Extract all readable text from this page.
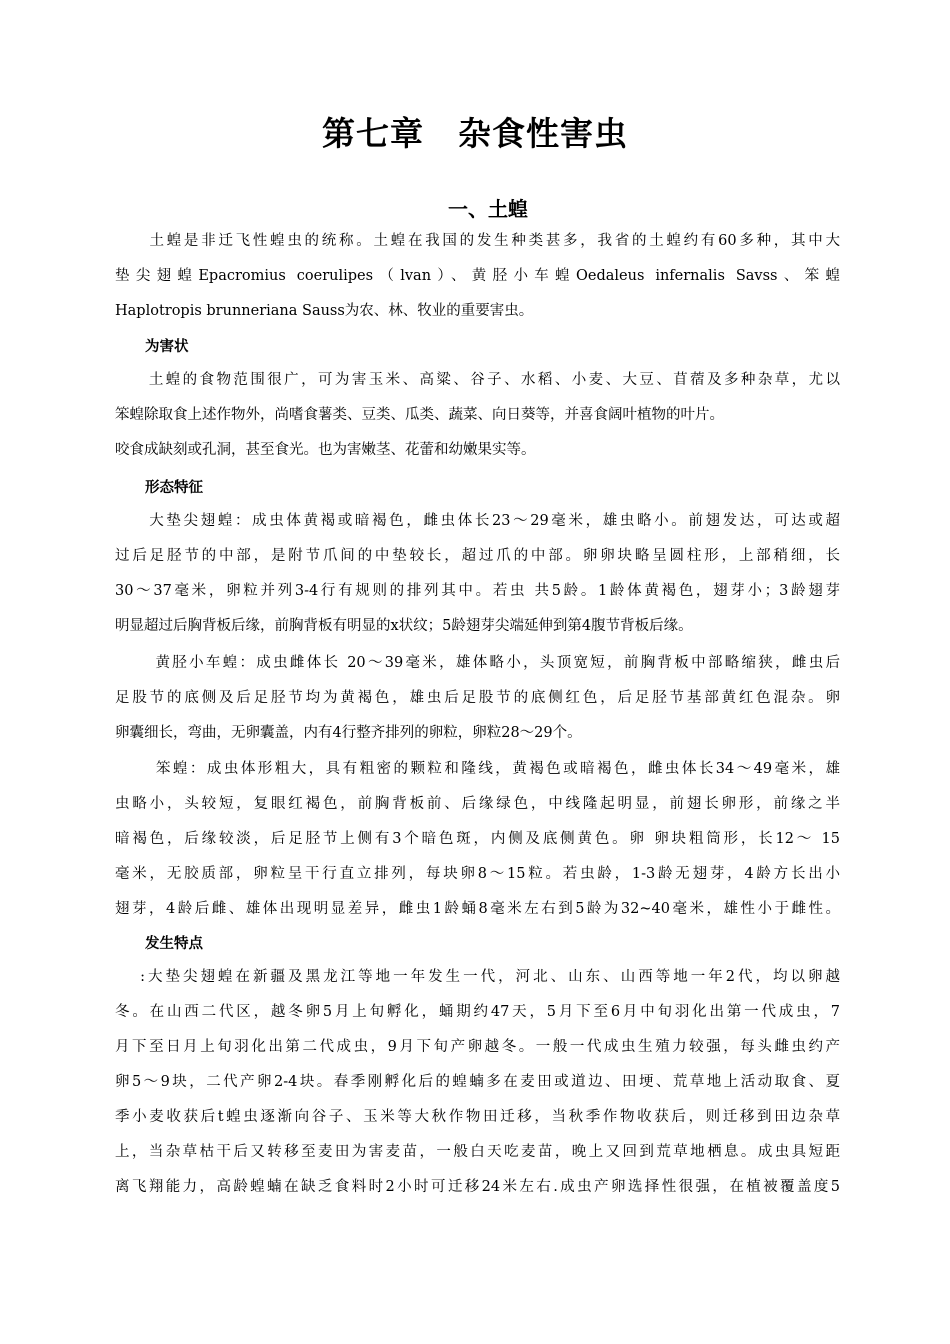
第七章　杂食性害虫
一、土蝗
　　土蝗是非迁飞性蝗虫的统称。土蝗在我国的发生种类甚多，我省的土蝗约有60多种，其中大
垫尖翅蝗Epacromius coerulipes（lvan）、黄胫小车蝗Oedaleus infernalis Savss、笨蝗
Haplotropis brunneriana Sauss为农、林、牧业的重要害虫。
为害状
　　土蝗的食物范围很广，可为害玉米、高粱、谷子、水稻、小麦、大豆、苜蓿及多种杂草，尤以
笨蝗除取食上述作物外，尚嗜食薯类、豆类、瓜类、蔬菜、向日葵等，并喜食阔叶植物的叶片。
咬食成缺刻或孔洞，甚至食光。也为害嫩茎、花蕾和幼嫩果实等。
形态特征
　　大垫尖翅蝗：成虫体黄褐或暗褐色，雌虫体长23～29毫米，雄虫略小。前翅发达，可达或超
过后足胫节的中部，是附节爪间的中垫较长，超过爪的中部。卵卵块略呈圆柱形，上部稍细，长
30～37毫米，卵粒并列3-4行有规则的排列其中。若虫 共5龄。1龄体黄褐色，翅芽小；3龄翅芽
明显超过后胸背板后缘，前胸背板有明显的x状纹；5龄翅芽尖端延伸到第4腹节背板后缘。
　　 黄胫小车蝗：成虫雌体长 20～39毫米，雄体略小，头顶宽短，前胸背板中部略缩狭，雌虫后
足股节的底侧及后足胫节均为黄褐色，雄虫后足股节的底侧红色，后足胫节基部黄红色混杂。卵
卵囊细长，弯曲，无卵囊盖，内有4行整齐排列的卵粒，卵粒28～29个。
　　 笨蝗：成虫体形粗大，具有粗密的颗粒和隆线，黄褐色或暗褐色，雌虫体长34～49毫米，雄
虫略小，头较短，复眼红褐色，前胸背板前、后缘绿色，中线隆起明显，前翅长卵形，前缘之半
暗褐色，后缘较淡，后足胫节上侧有3个暗色斑，内侧及底侧黄色。卵 卵块粗筒形，长12～ 15
毫米，无胶质部，卵粒呈干行直立排列，每块卵8～15粒。若虫龄，1-3龄无翅芽，4龄方长出小
翅芽，4龄后雌、雄体出现明显差异，雌虫1龄蛹8毫米左右到5龄为32~40毫米，雄性小于雌性。
发生特点
　 :大垫尖翅蝗在新疆及黑龙江等地一年发生一代，河北、山东、山西等地一年2代，均以卵越
冬。在山西二代区，越冬卵5月上旬孵化，蛹期约47天，5月下至6月中旬羽化出第一代成虫，7
月下至日月上旬羽化出第二代成虫，9月下旬产卵越冬。一般一代成虫生殖力较强，每头雌虫约产
卵5～9块，二代产卵2-4块。春季刚孵化后的蝗蝻多在麦田或道边、田埂、荒草地上活动取食、夏
季小麦收获后t蝗虫逐渐向谷子、玉米等大秋作物田迁移，当秋季作物收获后，则迁移到田边杂草
上，当杂草枯干后又转移至麦田为害麦苗，一般白天吃麦苗，晚上又回到荒草地栖息。成虫具短距
离飞翔能力，高龄蝗蝻在缺乏食料时2小时可迁移24米左右.成虫产卵选择性很强，在植被覆盖度5
